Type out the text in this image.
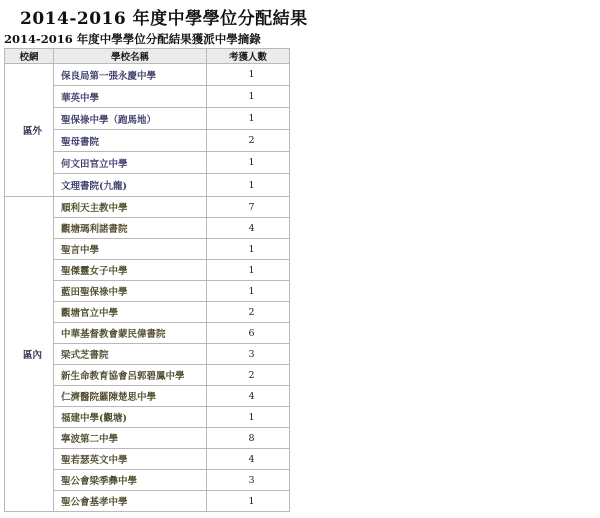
2014-2016 年度中學學位分配結果
2014-2016 年度中學學位分配結果獲派中學摘錄
校網	學校名稱	考獲人數
區外	保良局第一張永慶中學	1
	華英中學	1
	聖保祿中學（跑馬地）	1
	聖母書院	2
	何文田官立中學	1
	文理書院(九龍)	1
區內	順利天主教中學	7
	觀塘瑪利諾書院	4
	聖言中學	1
	聖傑靈女子中學	1
	藍田聖保祿中學	1
	觀塘官立中學	2
	中華基督教會蒙民偉書院	6
	梁式芝書院	3
	新生命教育協會呂郭碧鳳中學	2
	仁濟醫院羅陳楚思中學	4
	福建中學(觀塘)	1
	寧波第二中學	8
	聖若瑟英文中學	4
	聖公會梁季彝中學	3
	聖公會基孝中學	1
